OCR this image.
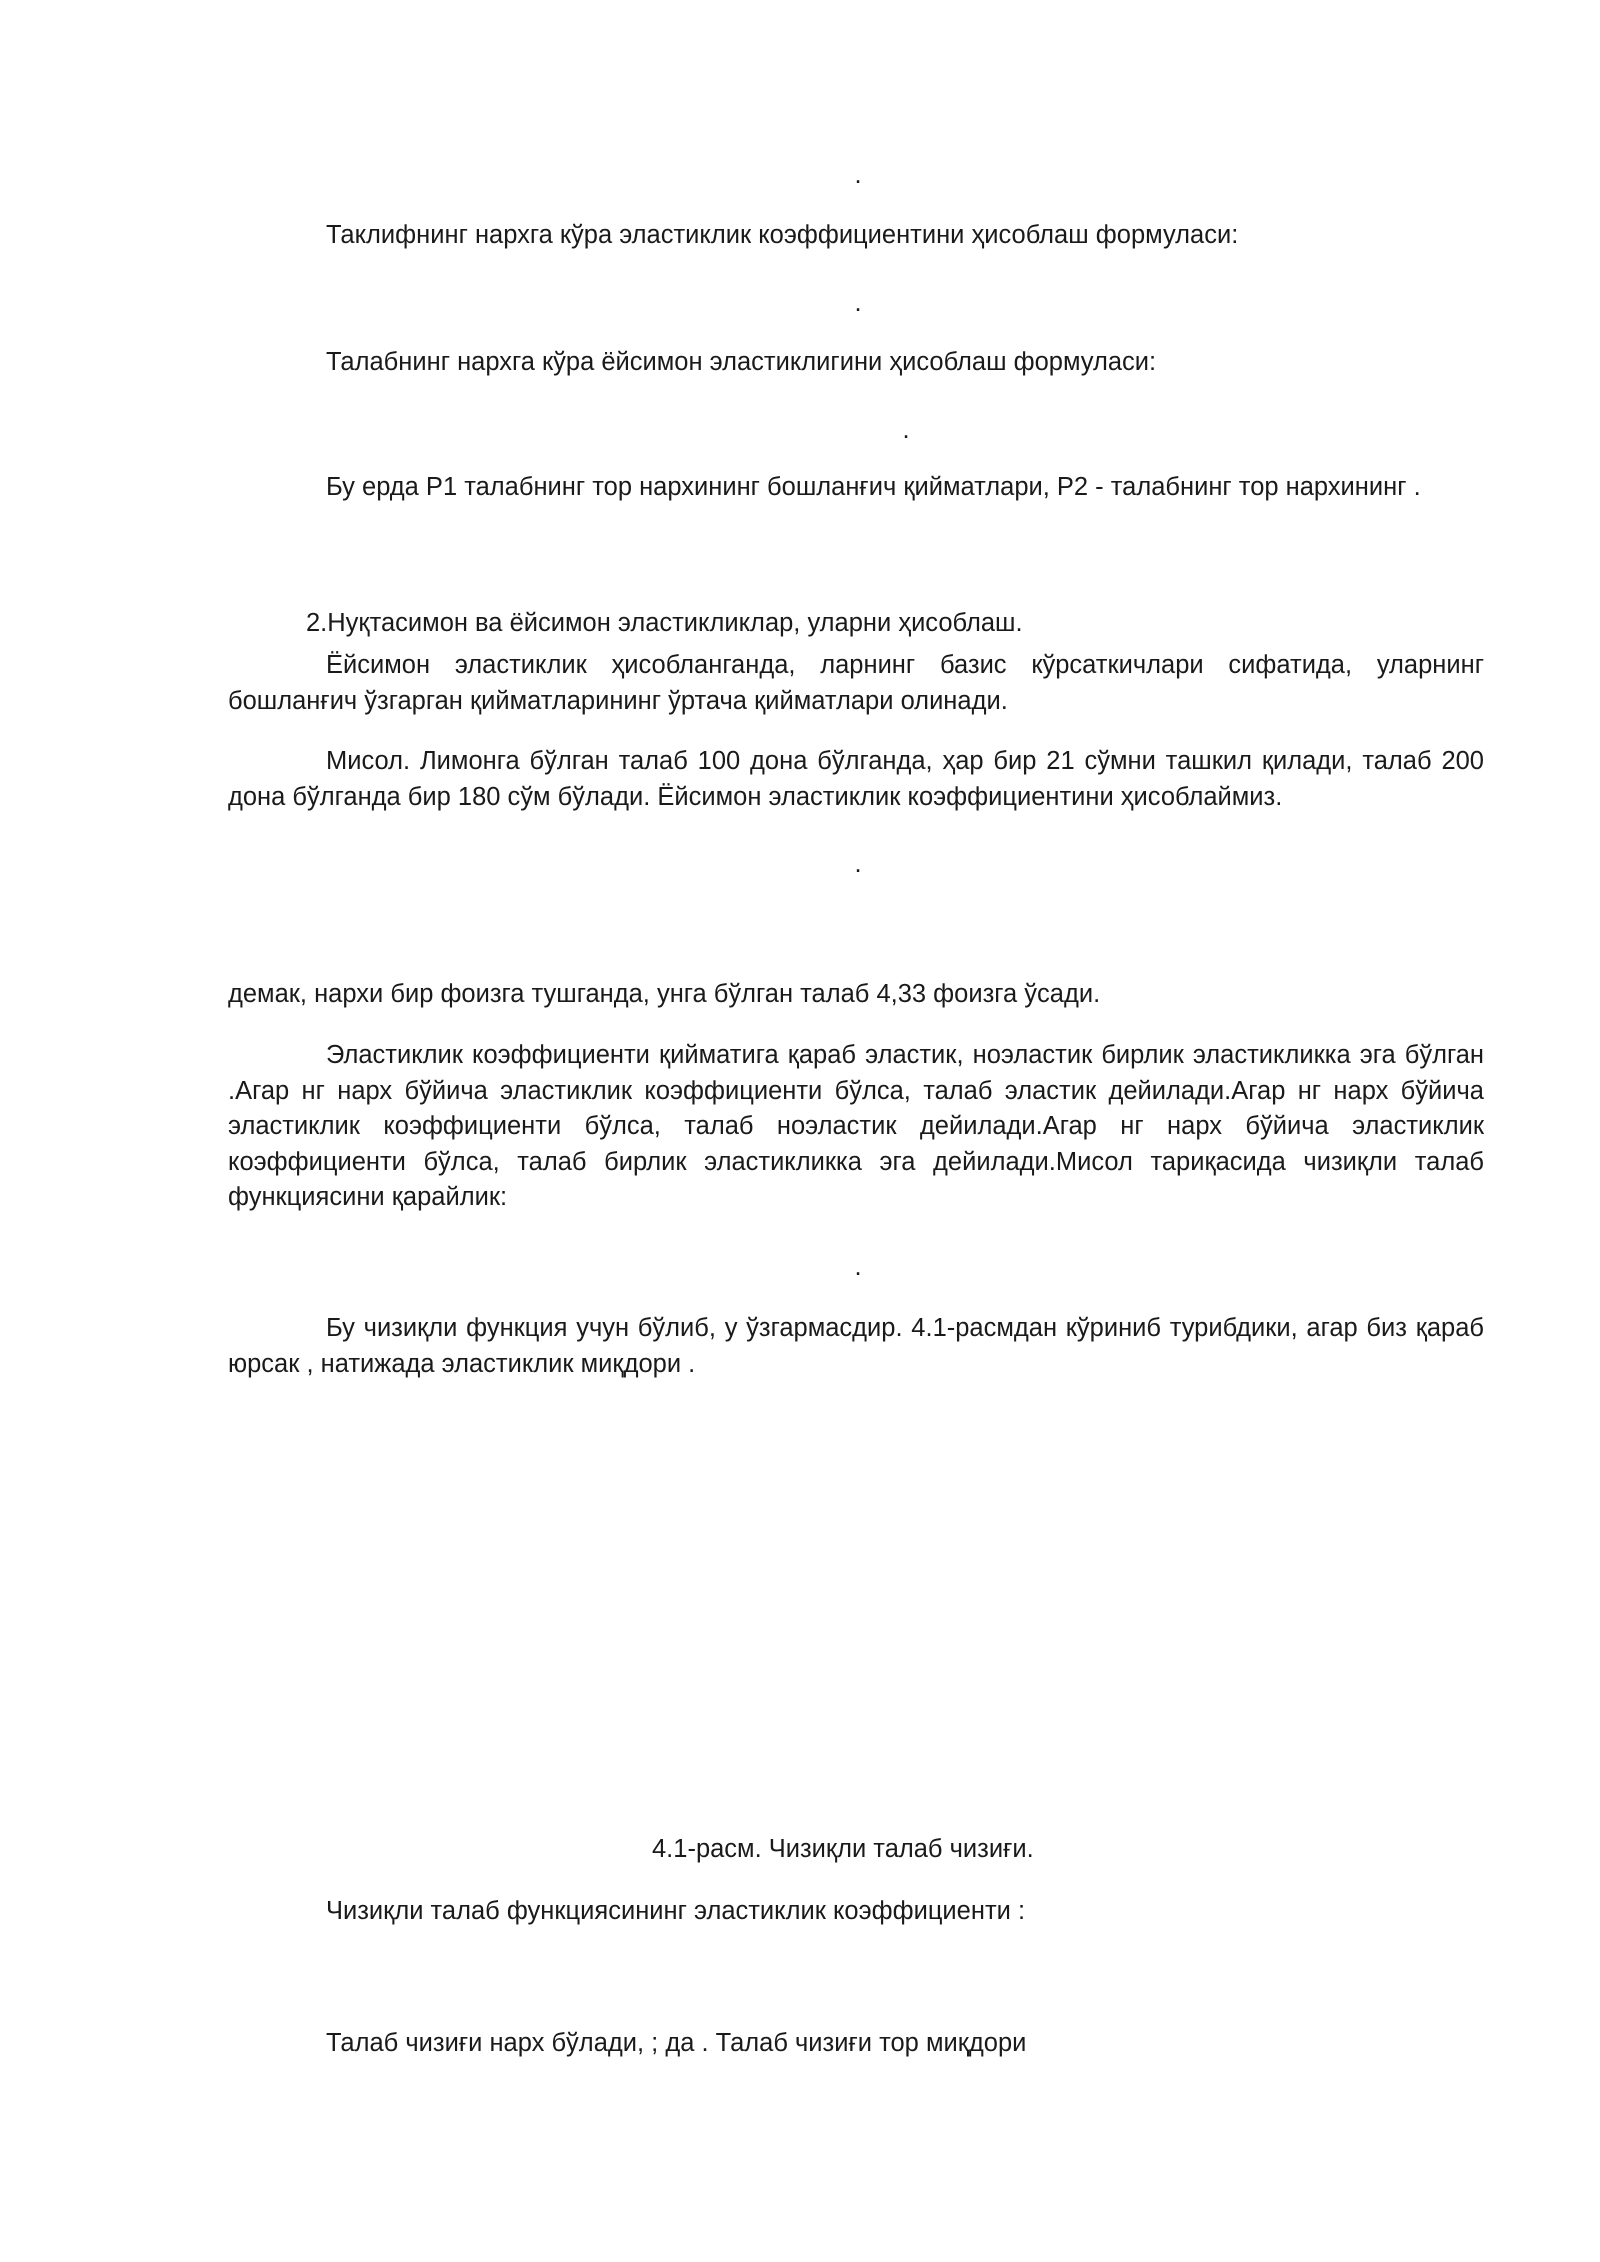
.
Таклифнинг нархга кўра эластиклик коэффициентини ҳисоблаш формуласи:
.
Талабнинг нархга кўра ёйсимон эластиклигини ҳисоблаш формуласи:
.
Бу ерда P1 талабнинг тор нархининг бошланғич қийматлари, P2 - талабнинг тор нархининг .
2.Нуқтасимон ва ёйсимон эластикликлар, уларни ҳисоблаш.
Ёйсимон эластиклик ҳисобланганда, ларнинг базис кўрсаткичлари сифатида, уларнинг бошланғич ўзгарган қийматларининг ўртача қийматлари олинади.
Мисол. Лимонга бўлган талаб 100 дона бўлганда, ҳар бир 21 сўмни ташкил қилади, талаб 200 дона бўлганда бир 180 сўм бўлади. Ёйсимон эластиклик коэффициентини ҳисоблаймиз.
.
демак, нархи бир фоизга тушганда, унга бўлган талаб 4,33 фоизга ўсади.
Эластиклик коэффициенти қийматига қараб эластик, ноэластик бирлик эластикликка эга бўлган .Агар нг нарх бўйича эластиклик коэффициенти бўлса, талаб эластик дейилади.Агар нг нарх бўйича эластиклик коэффициенти бўлса, талаб ноэластик дейилади.Агар нг нарх бўйича эластиклик коэффициенти бўлса, талаб бирлик эластикликка эга дейилади.Мисол тариқасида чизиқли талаб функциясини қарайлик:
.
Бу чизиқли функция учун бўлиб, у ўзгармасдир. 4.1-расмдан кўриниб турибдики, агар биз қараб юрсак , натижада эластиклик миқдори .
4.1-расм. Чизиқли талаб чизиғи.
Чизиқли талаб функциясининг эластиклик коэффициенти :
Талаб чизиғи нарх бўлади, ; да . Талаб чизиғи тор миқдори
